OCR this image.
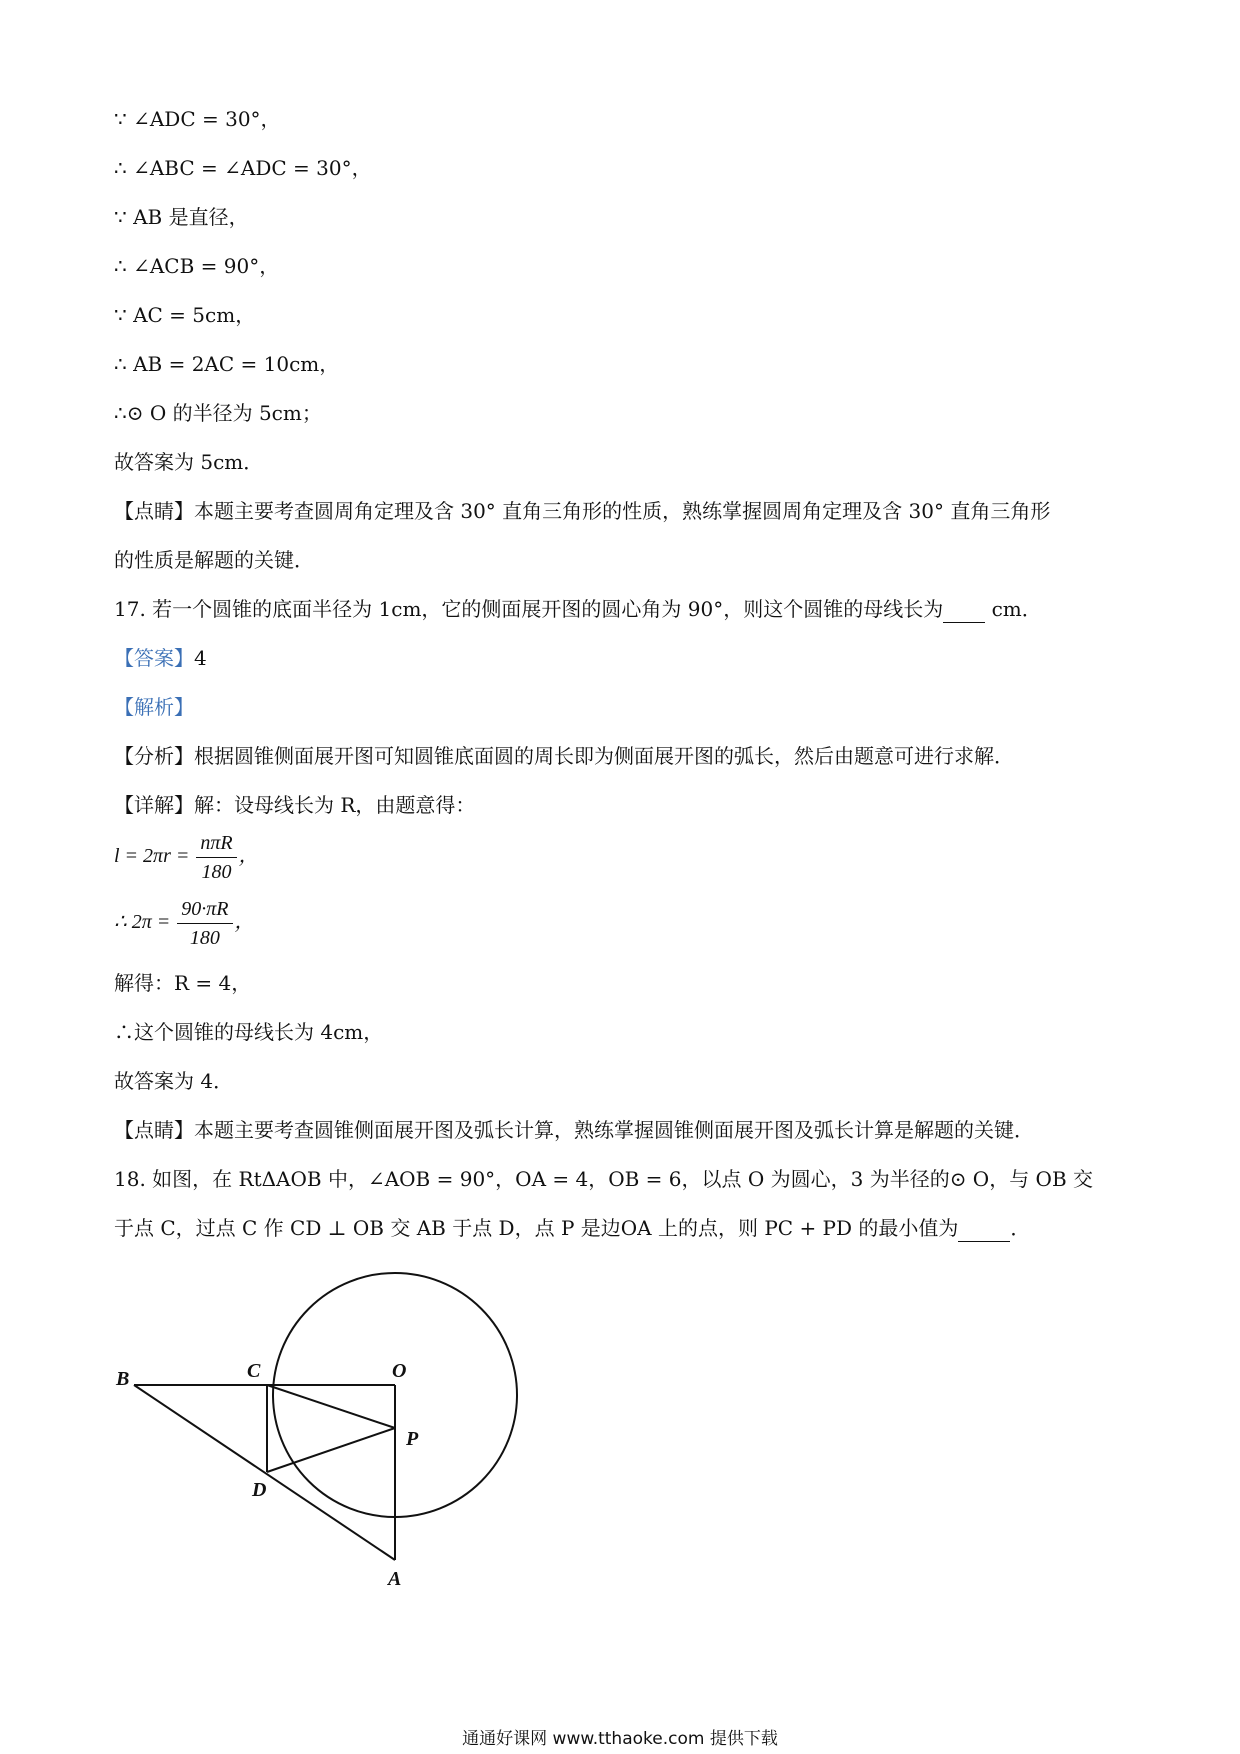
∵ ∠ADC = 30°，
∴ ∠ABC = ∠ADC = 30°，
∵ AB 是直径，
∴ ∠ACB = 90°，
∵ AC = 5cm，
∴ AB = 2AC = 10cm，
∴⊙ O 的半径为 5cm；
故答案为 5cm．
【点睛】本题主要考查圆周角定理及含 30° 直角三角形的性质，熟练掌握圆周角定理及含 30° 直角三角形
的性质是解题的关键．
17. 若一个圆锥的底面半径为 1cm，它的侧面展开图的圆心角为 90°，则这个圆锥的母线长为  cm．
【答案】4
【解析】
【分析】根据圆锥侧面展开图可知圆锥底面圆的周长即为侧面展开图的弧长，然后由题意可进行求解．
【详解】解：设母线长为 R，由题意得：
$l = 2\pi r = \frac{\text{nπR}}{180}$ ，
∴ $2\pi = \frac{90\cdot\pi R}{180}$ ，
解得：R = 4，
∴这个圆锥的母线长为 4cm，
故答案为 4．
【点睛】本题主要考查圆锥侧面展开图及弧长计算，熟练掌握圆锥侧面展开图及弧长计算是解题的关键．
18. 如图，在 RtΔAOB 中，∠AOB = 90°，OA = 4，OB = 6，以点 O 为圆心，3 为半径的⊙ O，与 OB 交
于点 C，过点 C 作 CD ⊥ OB 交 AB 于点 D，点 P 是边OA 上的点，则 PC + PD 的最小值为	．
B	C	O
P
D
A
通通好课网 www.tthaoke.com 提供下载
